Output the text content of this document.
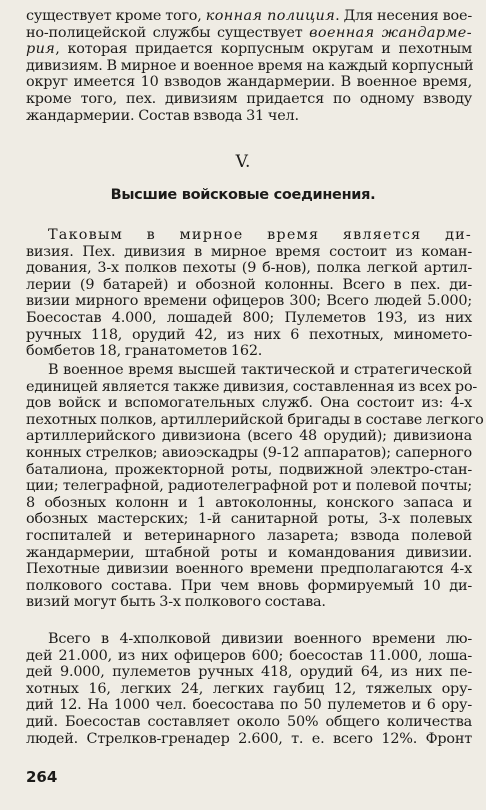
существует кроме того, конная полиция. Для несения вое-
но-полицейской службы существует военная жандарме-
рия, которая придается корпусным округам и пехотным
дивизиям. В мирное и военное время на каждый корпусный
округ имеется 10 взводов жандармерии. В военное время,
кроме того, пех. дивизиям придается по одному взводу
жандармерии. Состав взвода 31 чел.

V.
Высшие войсковые соединения.

Таковым в мирное время является ди-
визия. Пех. дивизия в мирное время состоит из коман-
дования, 3-х полков пехоты (9 б-нов), полка легкой артил-
лерии (9 батарей) и обозной колонны. Всего в пех. ди-
визии мирного времени офицеров 300; Всего людей 5.000;
Боесостав 4.000, лошадей 800; Пулеметов 193, из них
ручных 118, орудий 42, из них 6 пехотных, миномето-
бомбетов 18, гранатометов 162.

В военное время высшей тактической и стратегической
единицей является также дивизия, составленная из всех ро-
дов войск и вспомогательных служб. Она состоит из: 4-х
пехотных полков, артиллерийской бригады в составе легкого
артиллерийского дивизиона (всего 48 орудий); дивизиона
конных стрелков; авиоэскадры (9-12 аппаратов); саперного
баталиона, прожекторной роты, подвижной электро-стан-
ции; телеграфной, радиотелеграфной рот и полевой почты;
8 обозных колонн и 1 автоколонны, конского запаса и
обозных мастерских; 1-й санитарной роты, 3-х полевых
госпиталей и ветеринарного лазарета; взвода полевой
жандармерии, штабной роты и командования дивизии.
Пехотные дивизии военного времени предполагаются 4-х
полкового состава. При чем вновь формируемый 10 ди-
визий могут быть 3-х полкового состава.

Всего в 4-хполковой дивизии военного времени лю-
дей 21.000, из них офицеров 600; боесостав 11.000, лоша-
дей 9.000, пулеметов ручных 418, орудий 64, из них пе-
хотных 16, легких 24, легких гаубиц 12, тяжелых ору-
дий 12. На 1000 чел. боесостава по 50 пулеметов и 6 ору-
дий. Боесостав составляет около 50% общего количества
людей. Стрелков-гренадер 2.600, т. е. всего 12%. Фронт

264
